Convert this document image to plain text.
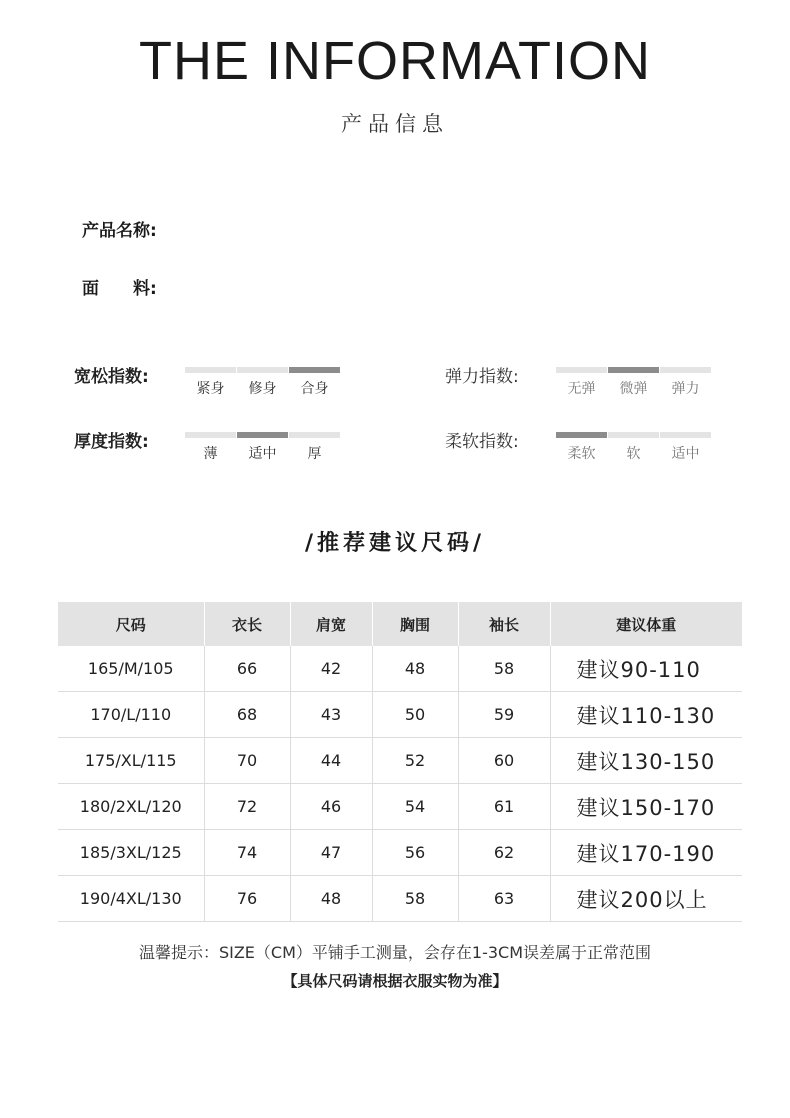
THE INFORMATION
产品信息
产品名称:
面　　料:
宽松指数:
紧身	修身	合身
弹力指数:
无弹	微弹	弹力
厚度指数:
薄	适中	厚
柔软指数:
柔软	软	适中
/推荐建议尺码/
尺码	衣长	肩宽	胸围	袖长	建议体重
165/M/105	66	42	48	58	建议90-110
170/L/110	68	43	50	59	建议110-130
175/XL/115	70	44	52	60	建议130-150
180/2XL/120	72	46	54	61	建议150-170
185/3XL/125	74	47	56	62	建议170-190
190/4XL/130	76	48	58	63	建议200以上
温馨提示：SIZE（CM）平铺手工测量，会存在1-3CM误差属于正常范围
【具体尺码请根据衣服实物为准】
